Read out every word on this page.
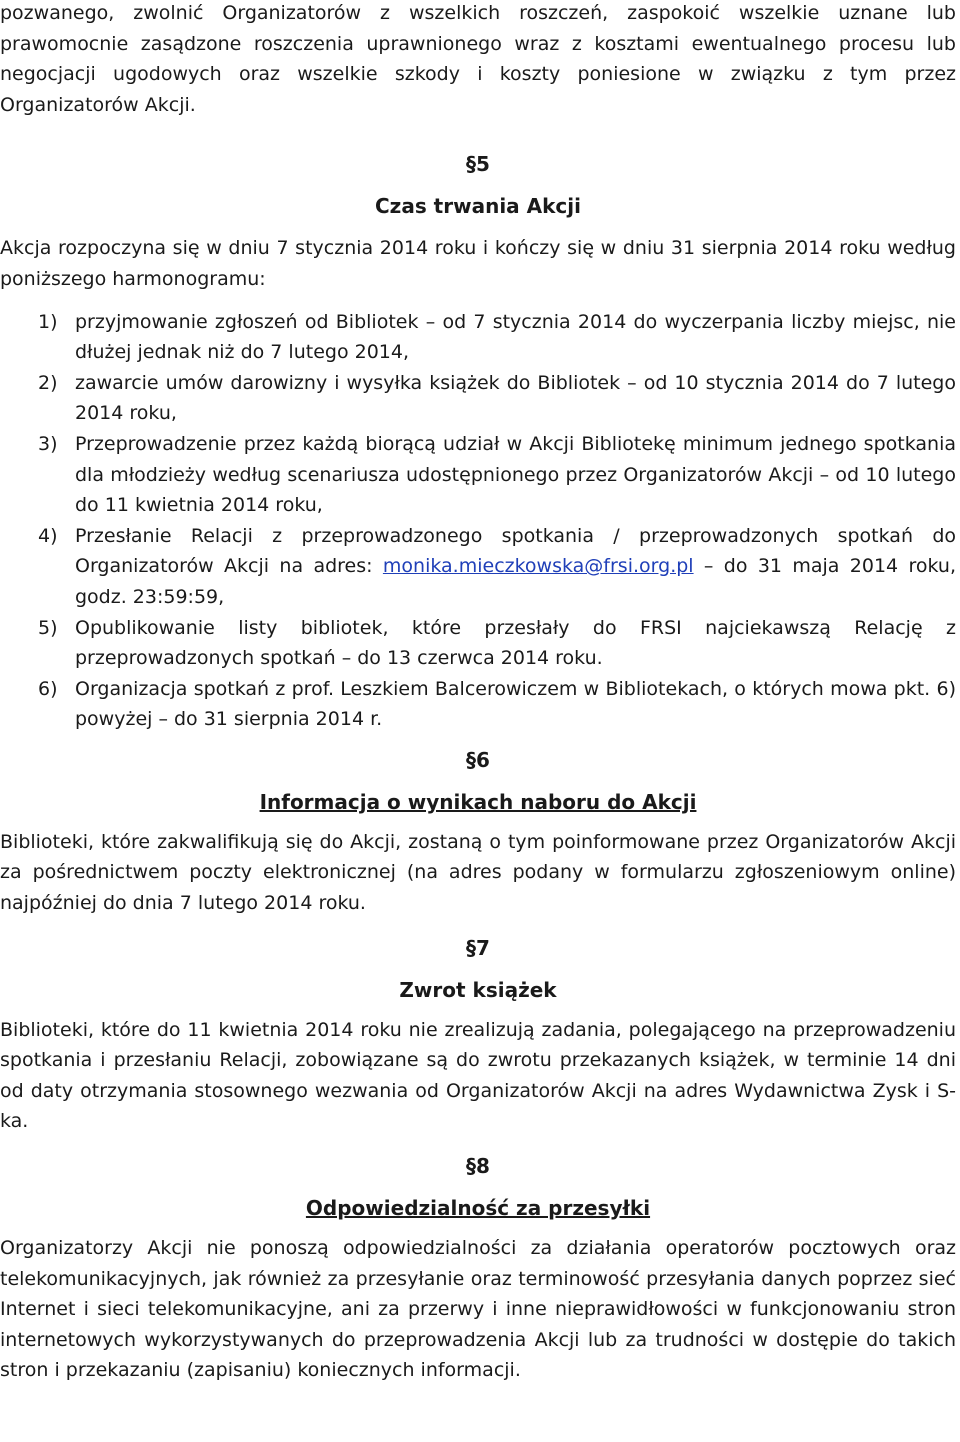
pozwanego, zwolnić Organizatorów z wszelkich roszczeń, zaspokoić wszelkie uznane lub prawomocnie zasądzone roszczenia uprawnionego wraz z kosztami ewentualnego procesu lub negocjacji ugodowych oraz wszelkie szkody i koszty poniesione w związku z tym przez Organizatorów Akcji.

§5

Czas trwania Akcji

Akcja rozpoczyna się w dniu 7 stycznia 2014 roku i kończy się w dniu 31 sierpnia 2014 roku według poniższego harmonogramu:

1) przyjmowanie zgłoszeń od Bibliotek – od 7 stycznia 2014 do wyczerpania liczby miejsc, nie dłużej jednak niż do 7 lutego 2014,
2) zawarcie umów darowizny i wysyłka książek do Bibliotek – od 10 stycznia 2014 do 7 lutego 2014 roku,
3) Przeprowadzenie przez każdą biorącą udział w Akcji Bibliotekę minimum jednego spotkania dla młodzieży według scenariusza udostępnionego przez Organizatorów Akcji – od 10 lutego do 11 kwietnia 2014 roku,
4) Przesłanie Relacji z przeprowadzonego spotkania / przeprowadzonych spotkań do Organizatorów Akcji na adres: monika.mieczkowska@frsi.org.pl – do 31 maja 2014 roku, godz. 23:59:59,
5) Opublikowanie listy bibliotek, które przesłały do FRSI najciekawszą Relację z przeprowadzonych spotkań – do 13 czerwca 2014 roku.
6) Organizacja spotkań z prof. Leszkiem Balcerowiczem w Bibliotekach, o których mowa pkt. 6) powyżej – do 31 sierpnia 2014 r.

§6

Informacja o wynikach naboru do Akcji

Biblioteki, które zakwalifikują się do Akcji, zostaną o tym poinformowane przez Organizatorów Akcji za pośrednictwem poczty elektronicznej (na adres podany w formularzu zgłoszeniowym online) najpóźniej do dnia 7 lutego 2014 roku.

§7

Zwrot książek

Biblioteki, które do 11 kwietnia 2014 roku nie zrealizują zadania, polegającego na przeprowadzeniu spotkania i przesłaniu Relacji, zobowiązane są do zwrotu przekazanych książek, w terminie 14 dni od daty otrzymania stosownego wezwania od Organizatorów Akcji na adres Wydawnictwa Zysk i S-ka.

§8

Odpowiedzialność za przesyłki

Organizatorzy Akcji nie ponoszą odpowiedzialności za działania operatorów pocztowych oraz telekomunikacyjnych, jak również za przesyłanie oraz terminowość przesyłania danych poprzez sieć Internet i sieci telekomunikacyjne, ani za przerwy i inne nieprawidłowości w funkcjonowaniu stron internetowych wykorzystywanych do przeprowadzenia Akcji lub za trudności w dostępie do takich stron i przekazaniu (zapisaniu) koniecznych informacji.
